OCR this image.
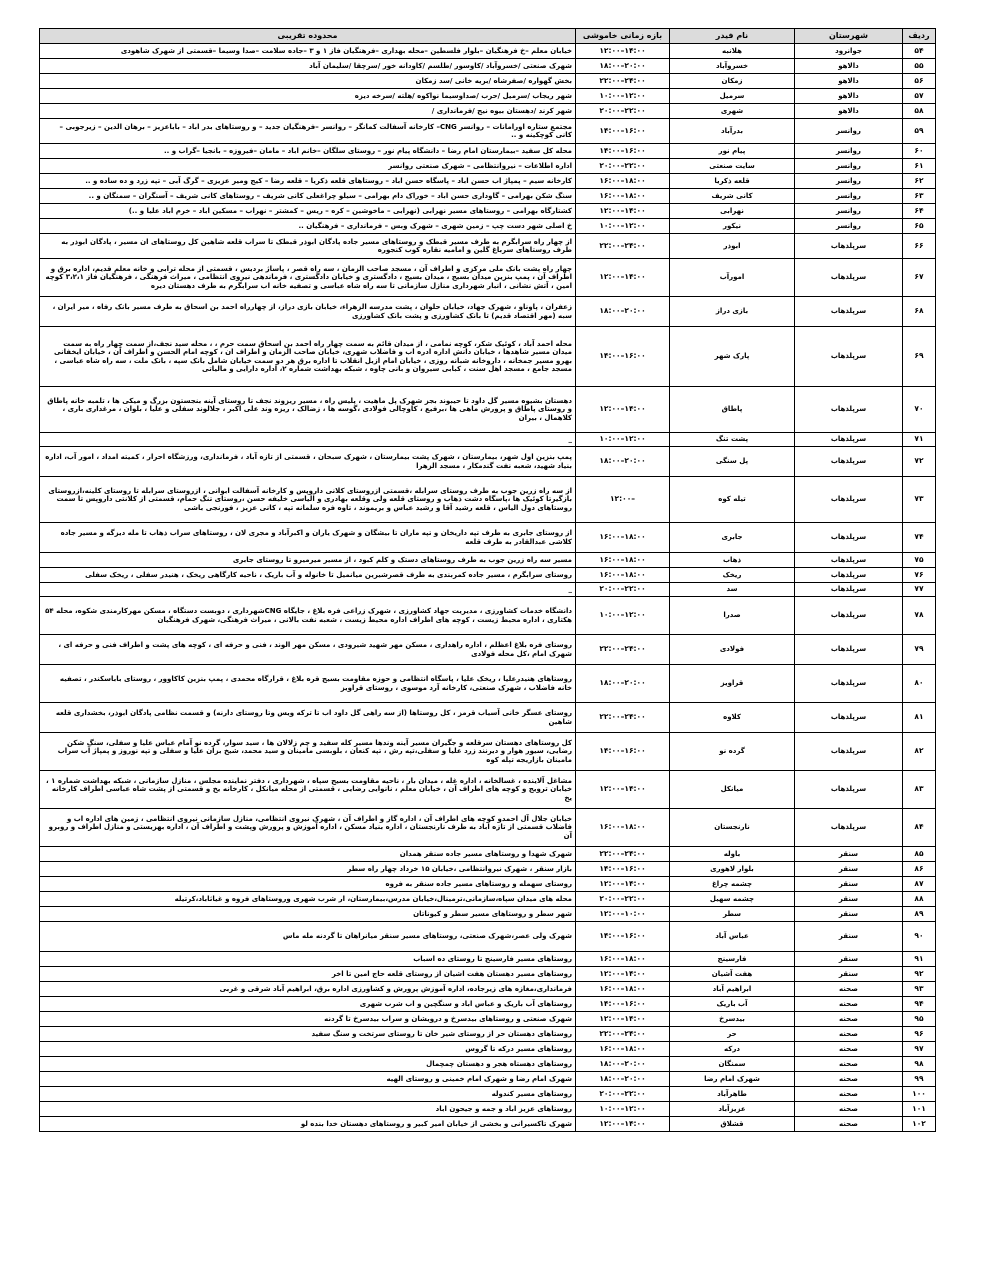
ردیف	شهرستان	نام فیدر	بازه زمانی خاموشی	محدوده تقریبی
۵۴	جوانرود	هلانبه	۱۲:۰۰–۱۴:۰۰	خیابان معلم –خ فرهنگیان –بلوار فلسطین –محله بهداری –فرهنگیان فاز ۱ و ۳ –جاده سلامت –صدا وسیما –قسمتی از شهرک شاهودی
۵۵	دالاهو	خسروآباد	۱۸:۰۰–۲۰:۰۰	شهرک صنعتی /خسروآباد /کاوسور /طلسم /کاودانه خور /سرچقا /سلیمان آباد
۵۶	دالاهو	زمکان	۲۲:۰۰–۲۴:۰۰	بخش گهواره /صفرشاه /بریه خانی /سد زمکان
۵۷	دالاهو	سرمیل	۱۰:۰۰–۱۲:۰۰	شهر ریجاب /سرمیل /حرب /صداوسیما نواکوه /هلته /سرخه دیزه
۵۸	دالاهو	شهری	۲۰:۰۰–۲۲:۰۰	شهر کرند /دهستان بیوه نیج /فرمانداری /
۵۹	روانسر	بدرآباد	۱۴:۰۰–۱۶:۰۰	مجتمع ستاره اورامانات – روانسر CNG– کارخانه آسفالت کمانگر – روانسر –فرهنگیان جدید – و روستاهای بدر اباد – باباعزیز – برهان الدین – زیرجوبی – کانی کوچکینه و ..
۶۰	روانسر	پیام نور	۱۴:۰۰–۱۶:۰۰	محله کل سفید –بیمارستان امام رضا – دانشگاه پیام نور – روستای سلگان –خانم اباد – مامان –فیروزه – بانجیا –گراب و ..
۶۱	روانسر	سایت صنعتی	۲۰:۰۰–۲۲:۰۰	اداره اطلاعات – نیروانتظامی – شهرک صنعتی روانسر
۶۲	روانسر	قلعه ذکریا	۱۶:۰۰–۱۸:۰۰	کارخانه سیم – پمپاژ اب حسن اباد – پاسگاه حسن اباد – روستاهای قلعه ذکریا – قلعه رضا – کیج ومیر عزیزی – گرگ آبی – تپه زرد و ده ساده و ..
۶۳	روانسر	کانی شریف	۱۶:۰۰–۱۸:۰۰	سنگ شکن بهرامی – گاوداری حسن اباد – خوراک دام بهرامی – سیلو چراغعلی کانی شریف – روستاهای کانی شریف – آسنگران – سمنگان و ..
۶۴	روانسر	نهرابی	۱۲:۰۰–۱۴:۰۰	کشتارگاه بهرامی – روستاهای مسیر نهرابی (نهرابی – ماخوشین – کره – ریس – کمشتر – نهراب – مسکین اباد – خرم اباد علیا و ..)
۶۵	روانسر	نیکور	۱۰:۰۰–۱۲:۰۰	خ اصلی شهر دست چپ – زمین شهری – شهرک وبس – فرمانداری – فرهنگیان ..
۶۶	سرپلذهاب	ابوذر	۲۲:۰۰–۲۴:۰۰	از چهار راه سرابگرم به طرف مسیر قبطک و روستاهای مسیر جاده پادگان ابوذر قبطک تا سراب قلعه شاهین کل روستاهای ان مسیر ، پادگان ابوذر به طرف روستاهای سرباغ گلین و امامیه نقاره کوب کنجوره
۶۷	سرپلذهاب	امورآب	۱۲:۰۰–۱۴:۰۰	چهار راه پشت بانک ملی مرکزی و اطراف آن ، مسجد صاحب الزمان ، سه راه قصر ، پاساژ بردیس ، قسمتی از محله ترابی و خانه معلم قدیم، اداره برق و اطراف آن ، پمپ بنزین میدان بسیج ، میدان بسیج ، دادگستری و خیابان دادگستری ، فرماندهی نیروی انتظامی ، میراث فرهنگی ، فرهنگیان فاز ۳،۲،۱ کوچه امین ، آتش نشانی ، انبار شهرداری منازل سازمانی تا سه راه شاه عباسی و تصفیه خانه اب سرابگرم به طرف دهستان دیره
۶۸	سرپلذهاب	بازی دراز	۱۸:۰۰–۲۰:۰۰	زعفران ، پاوناو ، شهرک جهاد، خیابان حلوان ، پشت مدرسه الزهراء، خیابان بازی دراز، از چهارراه احمد بن اسحاق به طرف مسیر بانک رفاه ، میر ایران ، سبه (مهر اقتصاد قدیم) تا بانک کشاورزی و پشت بانک کشاورزی
۶۹	سرپلذهاب	پارک شهر	۱۴:۰۰–۱۶:۰۰	محله احمد آباد ، کوئیک شکر، کوچه نمامی ، از میدان قائم به سمت چهار راه احمد بن اسحاق سمت حرم ، ، محله سید نجف،از سمت چهار راه به سمت میدان مسیر شاهدها ، خیابان دانش اداره ادره اب و فاضلاب شهری، خیابان صاحب الزمان و اطراف ان ، کوچه امام الحسن و اطراف آن ، خیابان ایخفانی بهرو مسیر جمخانه ، داروخانه شبانه روزی ، خیابان امام ازبل انقلاب تا اداره برق هر دو سمت خیابان شامل بانک سپه ، بانک ملت ، سه راه شاه عباسی ، مسجد جامع ، مسجد اهل سنت ، کبابی سیروان و بانی چاوه ، شبکه بهداشت شماره ۲، اداره دارایی و مالیاتی
۷۰	سرپلذهاب	پاطاق	۱۲:۰۰–۱۴:۰۰	دهستان بشیوه مسیر گل داود تا حیبوند بجز شهرک پل ماهیت ، پلیس راه ، مسیر ریزوند نجف تا روستای آینه بنجستون بزرگ و میکی ها ، تلمبه خانه پاطاق و روستای پاطاق و پرورش ماهی ها ،برفیع ، کاوچالی فولادی ،گوسه ها ، زضالک ، ریزه وند علی اکبر ، جلالوند سفلی و علیا ، بلوان ، مرغداری باری ، کلاهمال ، بیران
۷۱	سرپلذهاب	پشت تنگ	۱۰:۰۰–۱۲:۰۰	_
۷۲	سرپلذهاب	پل سنگی	۱۸:۰۰–۲۰:۰۰	پمپ بنزین اول شهر، بیمارستان ، شهرک پشت بیمارستان ، شهرک سبحان ، قسمتی از تازه آباد ، فرمانداری، ورزشگاه احرار ، کمیته امداد ، امور آب، اداره بنیاد شهید، شعبه نفت گندمکار ، مسجد الزهرا
۷۳	سرپلذهاب	تیله کوه	۱۲:۰۰–	از سه راه زرین جوب به طرف روستای سرابله ،قسمتی ازروستای کلانی داروپس و کارخانه آسفالت ابوانی ، ازروستای سرابله تا روستای کلینه،ازروستای بازگیرتا کوئیک ها ،پاسگاه دشت ذهاب و روستای قلعه ولی وقلعه بهادری و الیاسی خلیفه حسن ،روستای تنگ حمام، قسمتی از کلانتی داروپس تا سمت روستاهای دول الیاس ، قلعه رشید آقا و رشید عباس و بریموند ، تاوه فره سلمانه تپه ، کانی عزیز ، فورنجی باشی
۷۴	سرپلذهاب	جابری	۱۶:۰۰–۱۸:۰۰	از روستای جابری به طرف تپه داریخان و تپه ماران تا بیشگان و شهرک یاران و اکبرآباد و مجری لان ، روستاهای سراب ذهاب تا مله دیزگه و مسیر جاده کلاشی عبدالقادر به طرف قلعه
۷۵	سرپلذهاب	ذهاب	۱۶:۰۰–۱۸:۰۰	مسیر سه راه زرین جوب به طرف روستاهای دستک و کلم کبود ، از مسیر میرمیرو تا روستای جابری
۷۶	سرپلذهاب	ریخک	۱۶:۰۰–۱۸:۰۰	روستای سرابگرم ، مسیر جاده کمربندی به طرف قصرشیرین میانمیل تا خانوله و آب باریک ، ناحیه کارگاهی ریخک ، هنیدر سفلی ، ریخک سفلی
۷۷	سرپلذهاب	سد	۲۰:۰۰–۲۲:۰۰	_
۷۸	سرپلذهاب	صدرا	۱۰:۰۰–۱۲:۰۰	دانشگاه خدمات کشاورزی ، مدیریت جهاد کشاورزی ، شهرک زراعی فره بلاغ ، جایگاه CNGشهرداری ، دوبست دستگاه ، مسکن مهرکارمندی شکوه، محله ۵۴ هکتاری ، اداره محیط زیست ، کوچه های اطراف اداره محیط زیست ، شعبه نفت بالانی ، میراث فرهنگی، شهرک فرهنگیان
۷۹	سرپلذهاب	فولادی	۲۲:۰۰–۲۴:۰۰	روستای فره بلاغ اعظلم ، اداره راهداری ، مسکن مهر شهید شیرودی ، مسکن مهر الوند ، فنی و حرفه ای ، کوچه های پشت و اطراف فنی و حرفه ای ، شهرک امام ،کل محله فولادی
۸۰	سرپلذهاب	قراویز	۱۸:۰۰–۲۰:۰۰	روستاهای هنیدرعلیا ، ریخک علیا ، پاسگاه انتظامی و حوزه مقاومت بسیج قره بلاغ ، قرارگاه محمدی ، پمپ بنزین کاکاوور ، روستای باباسکندر ، تصفیه خانه فاضلاب ، شهرک صنعتی، کارخانه آرد موسوی ، روستای قراویز
۸۱	سرپلذهاب	کلاوه	۲۲:۰۰–۲۴:۰۰	روستای عسگر خانی آسیاب قرمز ، کل روستاها (از سه راهی گل داود اب تا ترکه ویس وتا روستای دارنه) و قسمت نظامی پادگان ابوذر، بخشداری قلعه شاهین
۸۲	سرپلذهاب	گرده نو	۱۴:۰۰–۱۶:۰۰	کل روستاهای دهستان سرقلعه و جگیران مسیر آینه وندها مسیر کله سفید و چم زلالان ها ، سید سوار، گرده نو آمام عباس علیا و سفلی، سنگ شکن رضایی، سیور هوار و دیرنند زرد علیا و سفلی،تپه رش ، تپه کنعان ، بلوبسی مامینان و سید محمد، شیخ بزان علیا و سفلی و تپه نوروز و پمپاژ آب سراب مامینان بازاریجه تپله کوه
۸۳	سرپلذهاب	میانکل	۱۲:۰۰–۱۴:۰۰	مشاغل آلاینده ، غسالخانه ، اداره غله ، میدان بار ، ناحیه مقاومت بسیج سپاه ، شهرداری ، دفتر نماینده مجلس ، منازل سازمانی ، شبکه بهداشت شماره ۱ ، خیابان ترویج و کوچه های اطراف آن ، خیابان معلم ، نانوایی رضایی ، قسمتی از محله میانکل ، کارخانه یخ و قسمتی از پشت شاه عباسی اطراف کارخانه یخ
۸۴	سرپلذهاب	نارنجستان	۱۶:۰۰–۱۸:۰۰	خیابان جلال آل احمدو کوچه های اطراف آن ، اداره گاز و اطراف آن ، شهرک نیروی انتظامی، منازل سازمانی نیروی انتظامی ، زمین های اداره اب و فاضلاب قسمتی از تازه اباد به طرف نارنجستان ، اداره بنیاد مسکن ، اداره آموزش و پرورش وپشت و اطراف آن ، اداره بهزیستی و منازل اطراف و روبرو آن
۸۵	سنقر	باوله	۲۲:۰۰–۲۴:۰۰	شهرک شهدا و روستاهای مسیر جاده سنقر همدان
۸۶	سنقر	بلوار لاهوری	۱۴:۰۰–۱۶:۰۰	بازار سنقر ، شهرک نیروانتظامی ،خیابان ۱۵ خرداد چهار راه سطر
۸۷	سنقر	چشمه چراغ	۱۲:۰۰–۱۴:۰۰	روستای سهمله و روستاهای مسیر جاده سنقر به فروه
۸۸	سنقر	چشمه سهیل	۲۰:۰۰–۲۲:۰۰	محله های میدان سپاه،سازمانی،ترمینال،خیابان مدرس،بیمارستان، ار شرب شهری وروستاهای فروه و غیاثاباد،کرتیله
۸۹	سنقر	سطر	۱۲:۰۰–۱۰:۰۰	شهر سطر و روستاهای مسیر سطر و کیوناتان
۹۰	سنقر	عباس آباد	۱۴:۰۰–۱۶:۰۰	شهرک ولی عصر،شهرک صنعتی، روستاهای مسیر سنقر میانراهان تا گردنه مله ماس
۹۱	سنقر	فارسینج	۱۶:۰۰–۱۸:۰۰	روستاهای مسیر فارسینج تا روستای ده اسباب
۹۲	سنقر	هفت آشیان	۱۲:۰۰–۱۴:۰۰	روستاهای مسیر دهستان هفت اشیان از روستای قلعه حاج امین تا اخر
۹۳	صحنه	ابراهیم آباد	۱۶:۰۰–۱۸:۰۰	فرمانداری،مغازه های زیرجاده، اداره آموزش پرورش و کشاورزی اداره برق، ابراهیم آباد شرقی و غربی
۹۴	صحنه	آب باریک	۱۴:۰۰–۱۶:۰۰	روستاهای آب باریک و عباس اباد و سنگچین و اب شرب شهری
۹۵	صحنه	بیدسرخ	۱۲:۰۰–۱۴:۰۰	شهرک صنعتی و روستاهای بیدسرخ و درویشان و سراب بیدسرخ تا گردنه
۹۶	صحنه	حر	۲۲:۰۰–۲۴:۰۰	روستاهای دهستان حر از روستای شیر خان تا روستای سرتخت و سنگ سفید
۹۷	صحنه	درکه	۱۶:۰۰–۱۸:۰۰	روستاهای مسیر درکه تا گروس
۹۸	صحنه	سمنگان	۱۸:۰۰–۲۰:۰۰	روستاهای دهستاه هجر و دهستان چمچمال
۹۹	صحنه	شهرک امام رضا	۱۸:۰۰–۲۰:۰۰	شهرک امام رضا و شهرک امام خمینی و روستای الهیه
۱۰۰	صحنه	طاهرآباد	۲۰:۰۰–۲۲:۰۰	روستاهای مسیر کندوله
۱۰۱	صحنه	عزیزآباد	۱۰:۰۰–۱۲:۰۰	روستاهای عزیز اباد و جمه و جیحون اباد
۱۰۲	صحنه	قشلاق	۱۲:۰۰–۱۴:۰۰	شهرک تاکسیرانی و بخشی از خیابان امیر کبیر و روستاهای دهستان خدا بنده لو
